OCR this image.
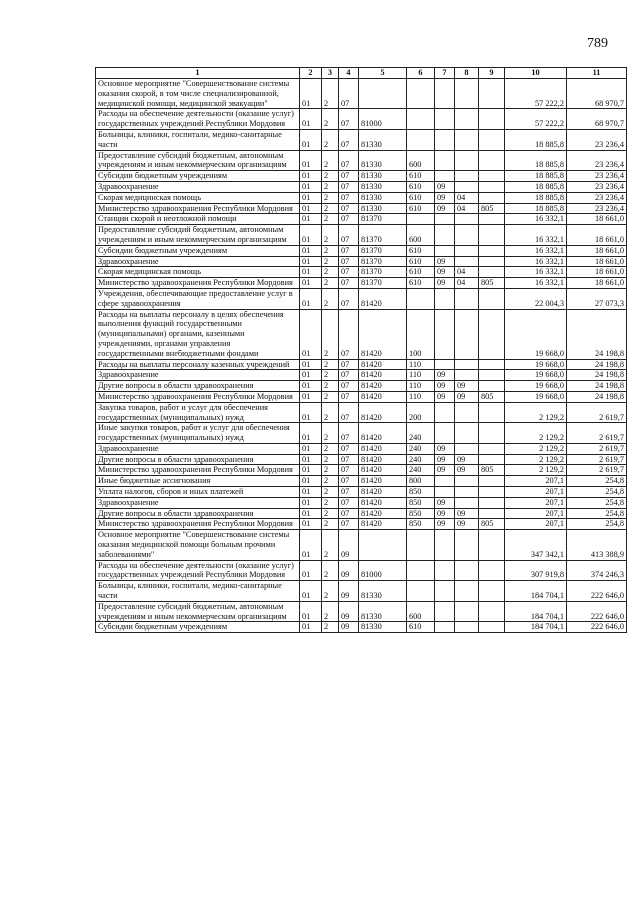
789
1	2	3	4	5	6	7	8	9	10	11
Основное мероприятие "Совершенствование системы оказания скорой, в том числе специализированной, медицинской помощи, медицинской эвакуации"	01	2	07						57 222,2	68 970,7
Расходы на обеспечение деятельности (оказание услуг) государственных учреждений Республики Мордовия	01	2	07	81000					57 222,2	68 970,7
Больницы, клиники, госпитали, медико-санитарные части	01	2	07	81330					18 885,8	23 236,4
Предоставление субсидий бюджетным, автономным учреждениям и иным некоммерческим организациям	01	2	07	81330	600				18 885,8	23 236,4
Субсидии бюджетным учреждениям	01	2	07	81330	610				18 885,8	23 236,4
Здравоохранение	01	2	07	81330	610	09			18 885,8	23 236,4
Скорая медицинская помощь	01	2	07	81330	610	09	04		18 885,8	23 236,4
Министерство здравоохранения Республики Мордовия	01	2	07	81330	610	09	04	805	18 885,8	23 236,4
Станции скорой и неотложной помощи	01	2	07	81370					16 332,1	18 661,0
Предоставление субсидий бюджетным, автономным учреждениям и иным некоммерческим организациям	01	2	07	81370	600				16 332,1	18 661,0
Субсидии бюджетным учреждениям	01	2	07	81370	610				16 332,1	18 661,0
Здравоохранение	01	2	07	81370	610	09			16 332,1	18 661,0
Скорая медицинская помощь	01	2	07	81370	610	09	04		16 332,1	18 661,0
Министерство здравоохранения Республики Мордовия	01	2	07	81370	610	09	04	805	16 332,1	18 661,0
Учреждения, обеспечивающие предоставление услуг в сфере здравоохранения	01	2	07	81420					22 004,3	27 073,3
Расходы на выплаты персоналу в целях обеспечения выполнения функций государственными (муниципальными) органами, казенными учреждениями, органами управления государственными внебюджетными фондами	01	2	07	81420	100				19 668,0	24 198,8
Расходы на выплаты персоналу казенных учреждений	01	2	07	81420	110				19 668,0	24 198,8
Здравоохранение	01	2	07	81420	110	09			19 668,0	24 198,8
Другие вопросы в области здравоохранения	01	2	07	81420	110	09	09		19 668,0	24 198,8
Министерство здравоохранения Республики Мордовия	01	2	07	81420	110	09	09	805	19 668,0	24 198,8
Закупка товаров, работ и услуг для обеспечения государственных (муниципальных) нужд	01	2	07	81420	200				2 129,2	2 619,7
Иные закупки товаров, работ и услуг для обеспечения государственных (муниципальных) нужд	01	2	07	81420	240				2 129,2	2 619,7
Здравоохранение	01	2	07	81420	240	09			2 129,2	2 619,7
Другие вопросы в области здравоохранения	01	2	07	81420	240	09	09		2 129,2	2 619,7
Министерство здравоохранения Республики Мордовия	01	2	07	81420	240	09	09	805	2 129,2	2 619,7
Иные бюджетные ассигнования	01	2	07	81420	800				207,1	254,8
Уплата налогов, сборов и иных платежей	01	2	07	81420	850				207,1	254,8
Здравоохранение	01	2	07	81420	850	09			207,1	254,8
Другие вопросы в области здравоохранения	01	2	07	81420	850	09	09		207,1	254,8
Министерство здравоохранения Республики Мордовия	01	2	07	81420	850	09	09	805	207,1	254,8
Основное мероприятие "Совершенствование системы оказания медицинской помощи больным прочими заболеваниями"	01	2	09						347 342,1	413 388,9
Расходы на обеспечение деятельности (оказание услуг) государственных учреждений Республики Мордовия	01	2	09	81000					307 919,8	374 246,3
Больницы, клиники, госпитали, медико-санитарные части	01	2	09	81330					184 704,1	222 646,0
Предоставление субсидий бюджетным, автономным учреждениям и иным некоммерческим организациям	01	2	09	81330	600				184 704,1	222 646,0
Субсидии бюджетным учреждениям	01	2	09	81330	610				184 704,1	222 646,0
